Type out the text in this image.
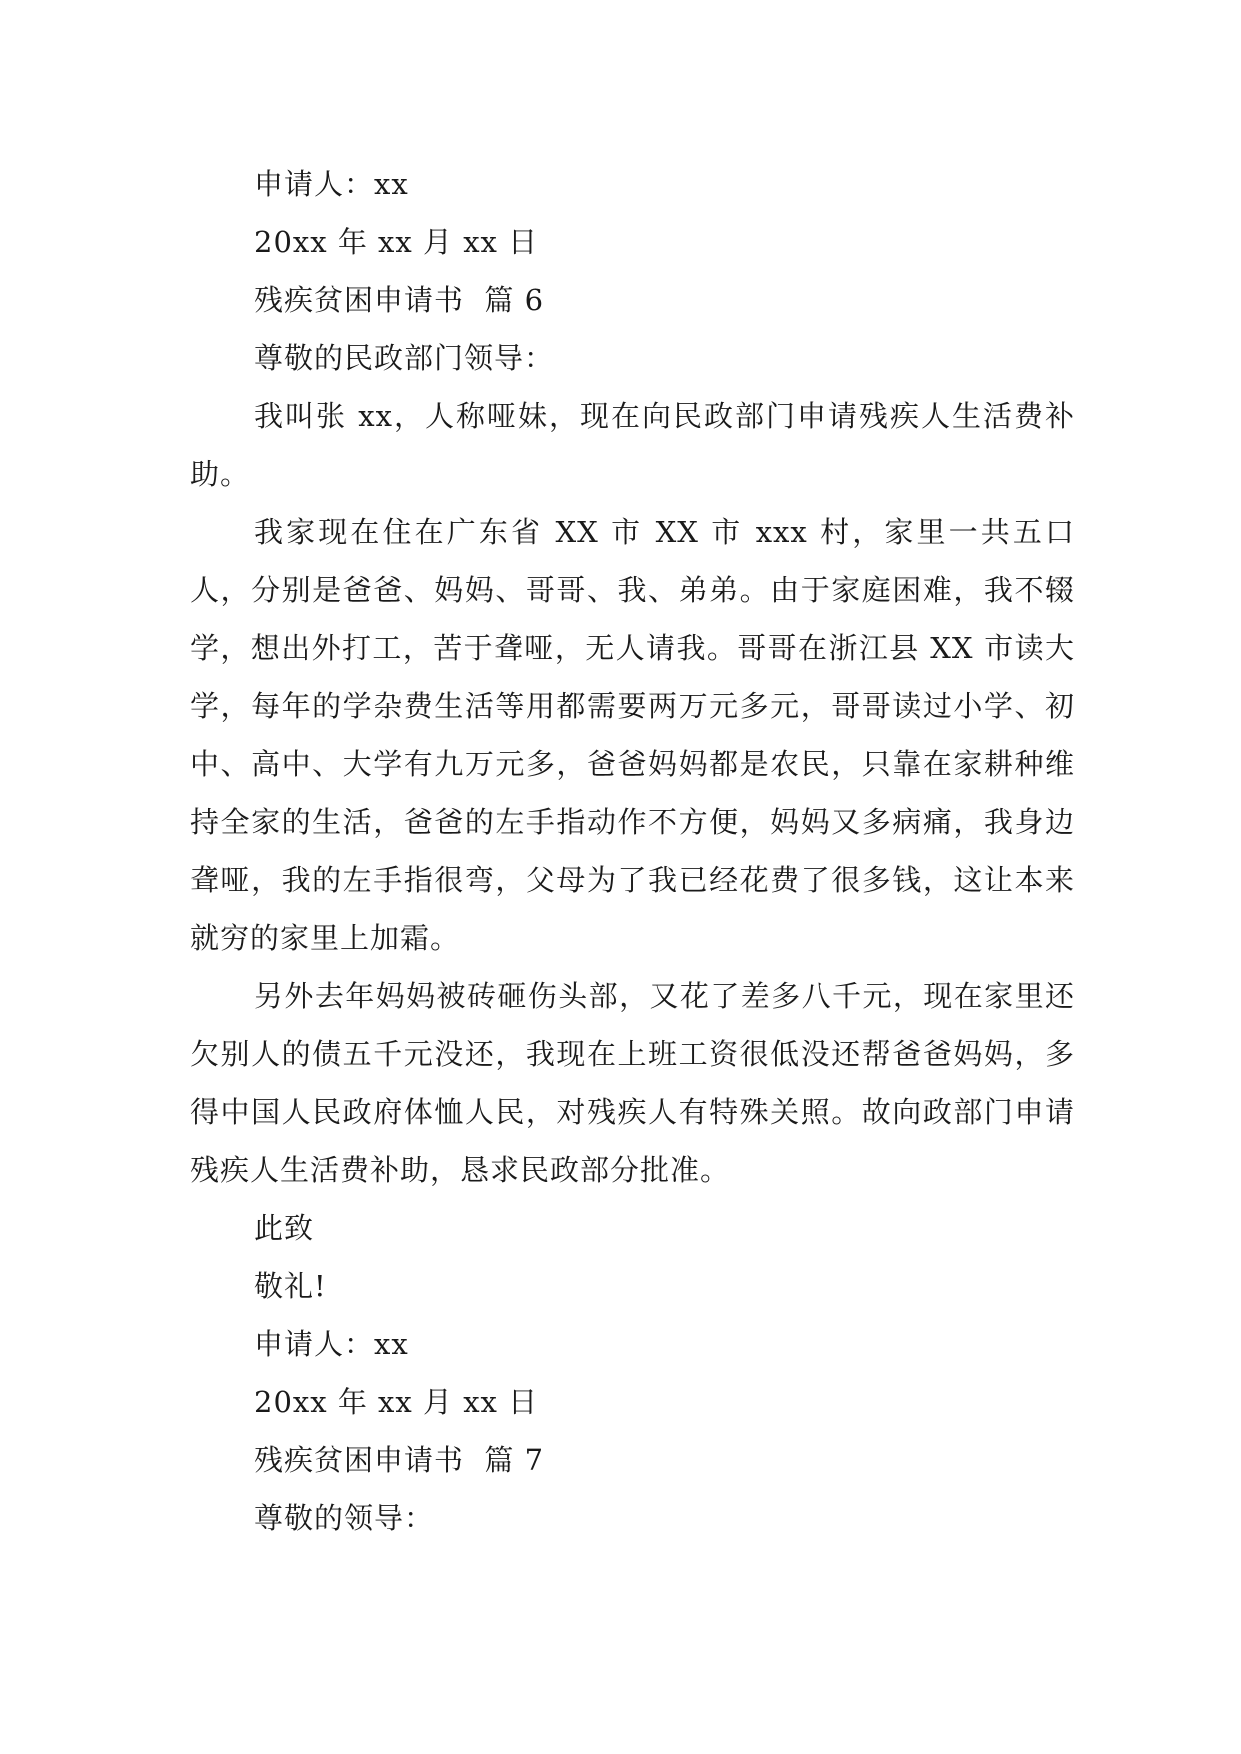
申请人：xx
20xx 年 xx 月 xx 日
残疾贫困申请书  篇 6
尊敬的民政部门领导：
我叫张 xx，人称哑妹，现在向民政部门申请残疾人生活费补助。
我家现在住在广东省 XX 市 XX 市 xxx 村，家里一共五口人，分别是爸爸、妈妈、哥哥、我、弟弟。由于家庭困难，我不辍学，想出外打工，苦于聋哑，无人请我。哥哥在浙江县 XX 市读大学，每年的学杂费生活等用都需要两万元多元，哥哥读过小学、初中、高中、大学有九万元多，爸爸妈妈都是农民，只靠在家耕种维持全家的生活，爸爸的左手指动作不方便，妈妈又多病痛，我身边聋哑，我的左手指很弯，父母为了我已经花费了很多钱，这让本来就穷的家里上加霜。
另外去年妈妈被砖砸伤头部，又花了差多八千元，现在家里还欠别人的债五千元没还，我现在上班工资很低没还帮爸爸妈妈，多得中国人民政府体恤人民，对残疾人有特殊关照。故向政部门申请残疾人生活费补助，恳求民政部分批准。
此致
敬礼!
申请人：xx
20xx 年 xx 月 xx 日
残疾贫困申请书  篇 7
尊敬的领导：
